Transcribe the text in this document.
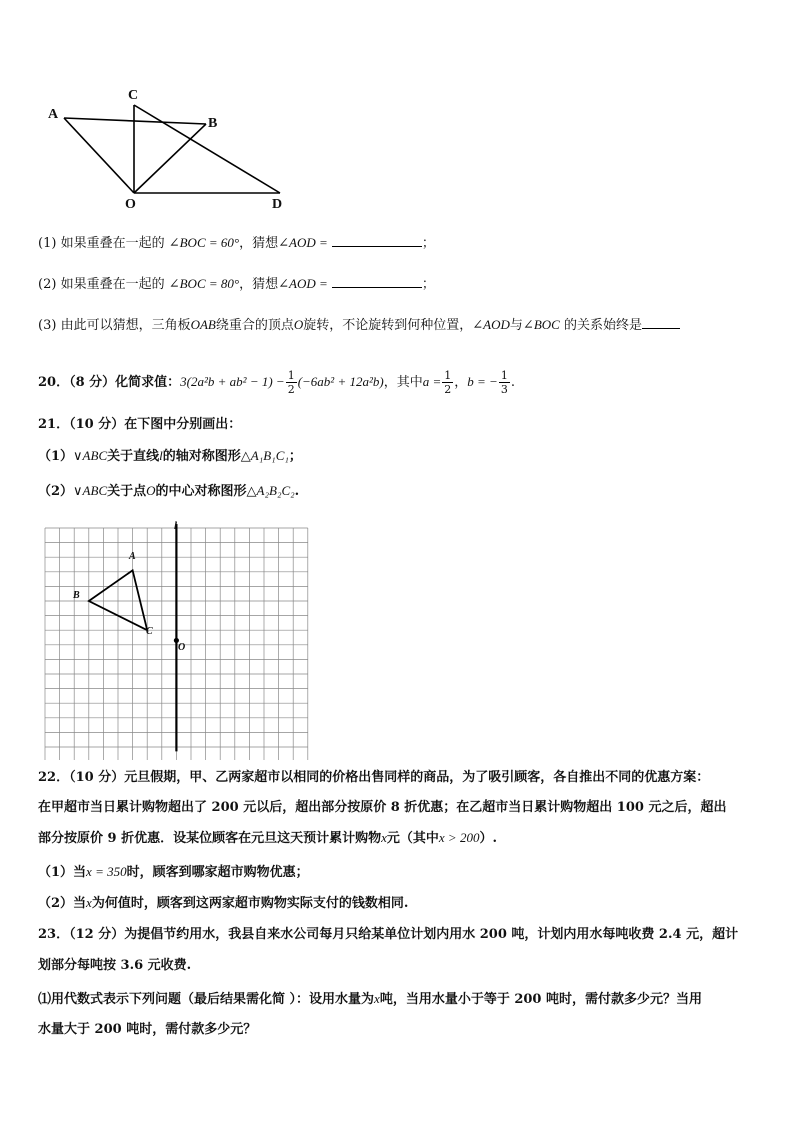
A
C
B
O	D
(1) 如果重叠在一起的 ∠BOC = 60°，猜想∠AOD =	；
(2) 如果重叠在一起的 ∠BOC = 80°，猜想∠AOD =	；
(3) 由此可以猜想，三角板OAB绕重合的顶点O旋转，不论旋转到何种位置，∠AOD与∠BOC 的关系始终是
20．（8 分）化简求值：$3(2a^2b + ab^2 - 1) - \frac{1}{2} (-6ab^2 + 12a^2b)$，其中$a = \frac{1}{2}$ ，b = − $\frac{1}{3}$ .
21．（10 分）在下图中分别画出：
（1）∨ABC关于直线l的轴对称图形△A₁B₁C₁；
（2）∨ABC关于点O的中心对称图形△A₂B₂C₂.
l
A
B
C
O
22．（10 分）元旦假期，甲、乙两家超市以相同的价格出售同样的商品，为了吸引顾客，各自推出不同的优惠方案：
在甲超市当日累计购物超出了 200 元以后，超出部分按原价 8 折优惠；在乙超市当日累计购物超出 100 元之后，超出
部分按原价 9 折优惠．设某位顾客在元旦这天预计累计购物x元（其中x > 200）.
（1）当x = 350时，顾客到哪家超市购物优惠；
（2）当x为何值时，顾客到这两家超市购物实际支付的钱数相同.
23．（12 分）为提倡节约用水，我县自来水公司每月只给某单位计划内用水 200 吨，计划内用水每吨收费 2.4 元，超计
划部分每吨按 3.6 元收费.
⑴用代数式表示下列问题（最后结果需化简 ）：设用水量为x吨，当用水量小于等于 200 吨时，需付款多少元？当用
水量大于 200 吨时，需付款多少元？
